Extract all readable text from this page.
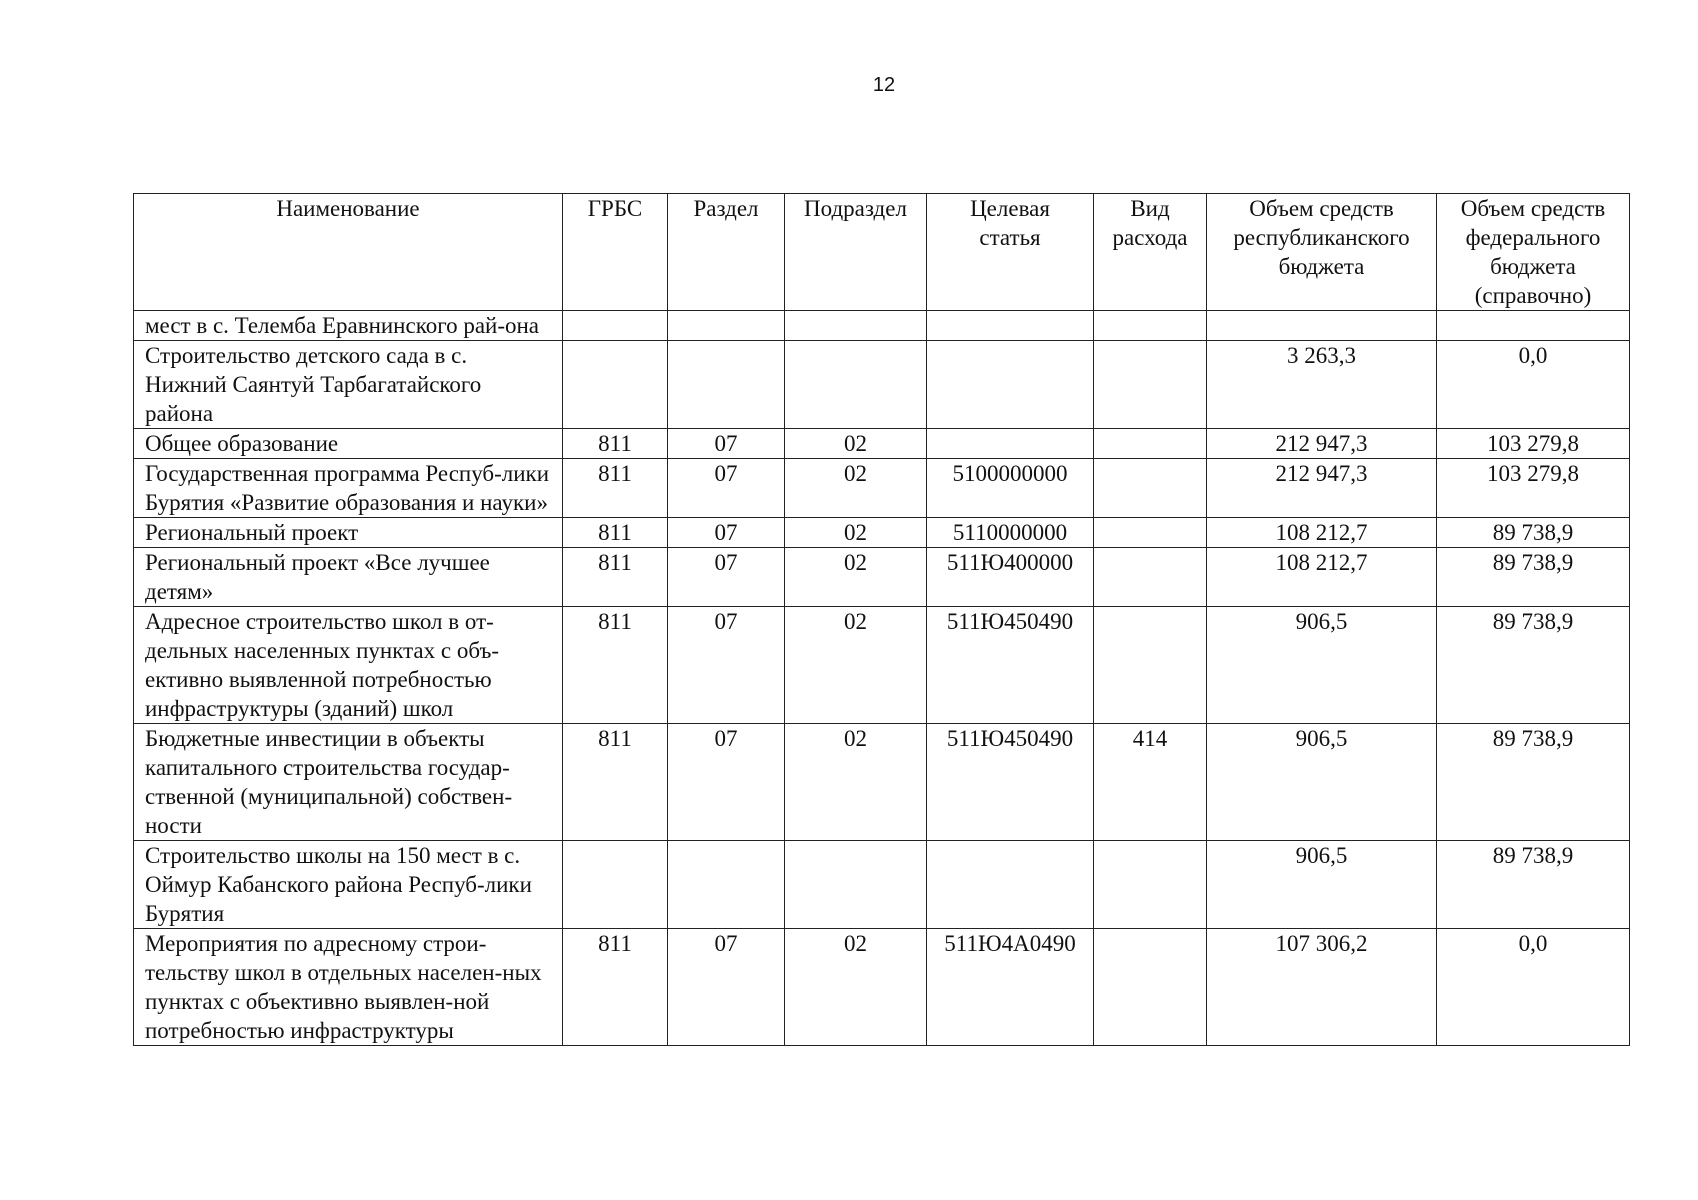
12
Наименование	ГРБС	Раздел	Подраздел	Целевая статья	Вид расхода	Объем средств республиканского бюджета	Объем средств федерального бюджета (справочно)
мест в с. Телемба Еравнинского рай-она							
Строительство детского сада в с. Нижний Саянтуй Тарбагатайского района						3 263,3	0,0
Общее образование	811	07	02			212 947,3	103 279,8
Государственная программа Респуб-лики Бурятия «Развитие образования и науки»	811	07	02	5100000000		212 947,3	103 279,8
Региональный проект	811	07	02	5110000000		108 212,7	89 738,9
Региональный проект «Все лучшее детям»	811	07	02	511Ю400000		108 212,7	89 738,9
Адресное строительство школ в от-дельных населенных пунктах с объ-ективно выявленной потребностью инфраструктуры (зданий) школ	811	07	02	511Ю450490		906,5	89 738,9
Бюджетные инвестиции в объекты капитального строительства государ-ственной (муниципальной) собствен-ности	811	07	02	511Ю450490	414	906,5	89 738,9
Строительство школы на 150 мест в с. Оймур Кабанского района Респуб-лики Бурятия						906,5	89 738,9
Мероприятия по адресному строи-тельству школ в отдельных населен-ных пунктах с объективно выявлен-ной потребностью инфраструктуры	811	07	02	511Ю4А0490		107 306,2	0,0
